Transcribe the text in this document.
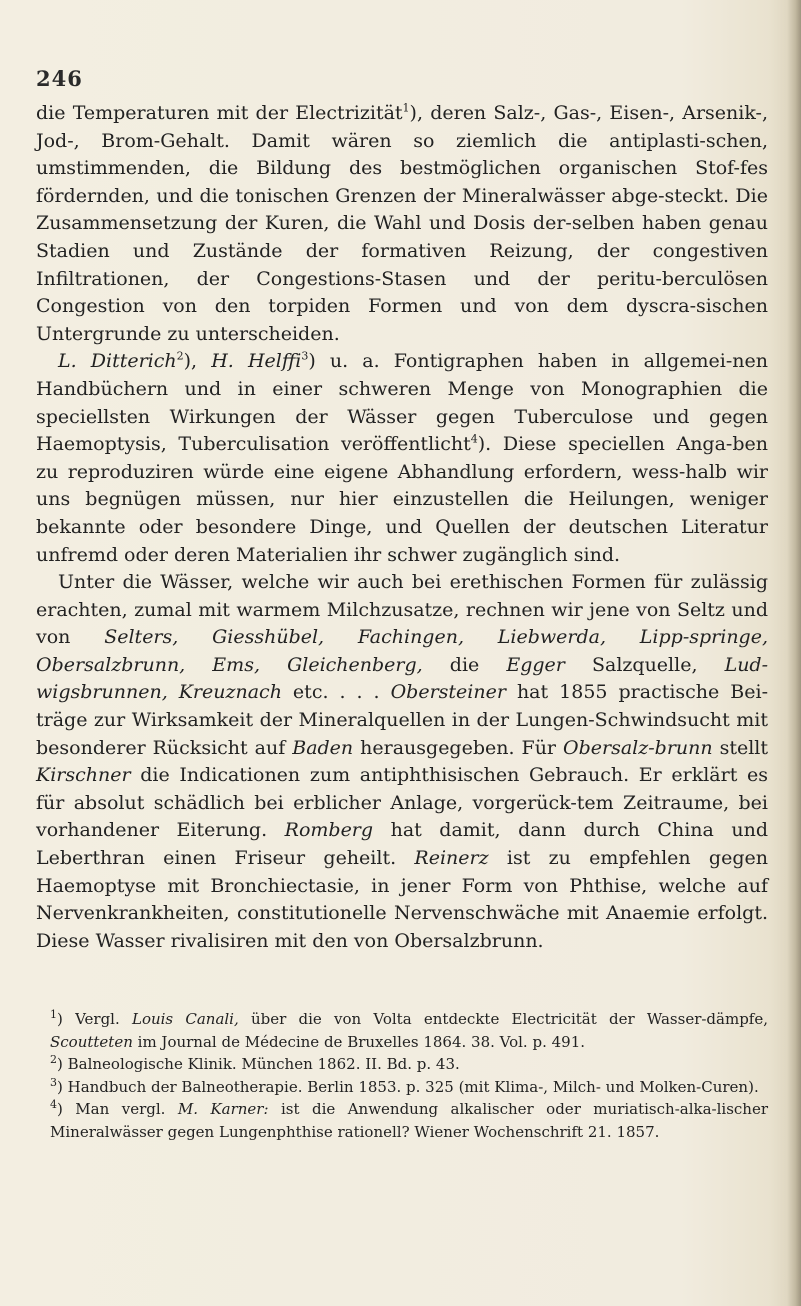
246

die Temperaturen mit der Electrizität$^1$), deren Salz-, Gas-, Eisen-, Arsenik-, Jod-, Brom-Gehalt. Damit wären so ziemlich die antiplasti-schen, umstimmenden, die Bildung des bestmöglichen organischen Stof-fes fördernden, und die tonischen Grenzen der Mineralwässer abge-steckt. Die Zusammensetzung der Kuren, die Wahl und Dosis der-selben haben genau Stadien und Zustände der formativen Reizung, der congestiven Infiltrationen, der Congestions-Stasen und der peritu-berculösen Congestion von den torpiden Formen und von dem dyscra-sischen Untergrunde zu unterscheiden.

L. Ditterich$^2$), H. Helffi$^3$) u. a. Fontigraphen haben in allgemei-nen Handbüchern und in einer schweren Menge von Monographien die speciellsten Wirkungen der Wässer gegen Tuberculose und gegen Haemoptysis, Tuberculisation veröffentlicht$^4$). Diese speciellen Anga-ben zu reproduziren würde eine eigene Abhandlung erfordern, wess-halb wir uns begnügen müssen, nur hier einzustellen die Heilungen, weniger bekannte oder besondere Dinge, und Quellen der deutschen Literatur unfremd oder deren Materialien ihr schwer zugänglich sind.

Unter die Wässer, welche wir auch bei erethischen Formen für zulässig erachten, zumal mit warmem Milchzusatze, rechnen wir jene von Seltz und von Selters, Giesshübel, Fachingen, Liebwerda, Lipp-springe, Obersalzbrunn, Ems, Gleichenberg, die Egger Salzquelle, Lud-wigsbrunnen, Kreuznach etc. . . . Obersteiner hat 1855 practische Bei-träge zur Wirksamkeit der Mineralquellen in der Lungen-Schwindsucht mit besonderer Rücksicht auf Baden herausgegeben. Für Obersalz-brunn stellt Kirschner die Indicationen zum antiphthisischen Gebrauch. Er erklärt es für absolut schädlich bei erblicher Anlage, vorgerück-tem Zeitraume, bei vorhandener Eiterung. Romberg hat damit, dann durch China und Leberthran einen Friseur geheilt. Reinerz ist zu empfehlen gegen Haemoptyse mit Bronchiectasie, in jener Form von Phthise, welche auf Nervenkrankheiten, constitutionelle Nervenschwäche mit Anaemie erfolgt. Diese Wasser rivalisiren mit den von Obersalzbrunn.

$^1$) Vergl. Louis Canali, über die von Volta entdeckte Electricität der Wasser-dämpfe, Scoutteten im Journal de Médecine de Bruxelles 1864. 38. Vol. p. 491.

$^2$) Balneologische Klinik. München 1862. II. Bd. p. 43.

$^3$) Handbuch der Balneotherapie. Berlin 1853. p. 325 (mit Klima-, Milch- und Molken-Curen).

$^4$) Man vergl. M. Karner: ist die Anwendung alkalischer oder muriatisch-alka-lischer Mineralwässer gegen Lungenphthise rationell? Wiener Wochenschrift 21. 1857.
